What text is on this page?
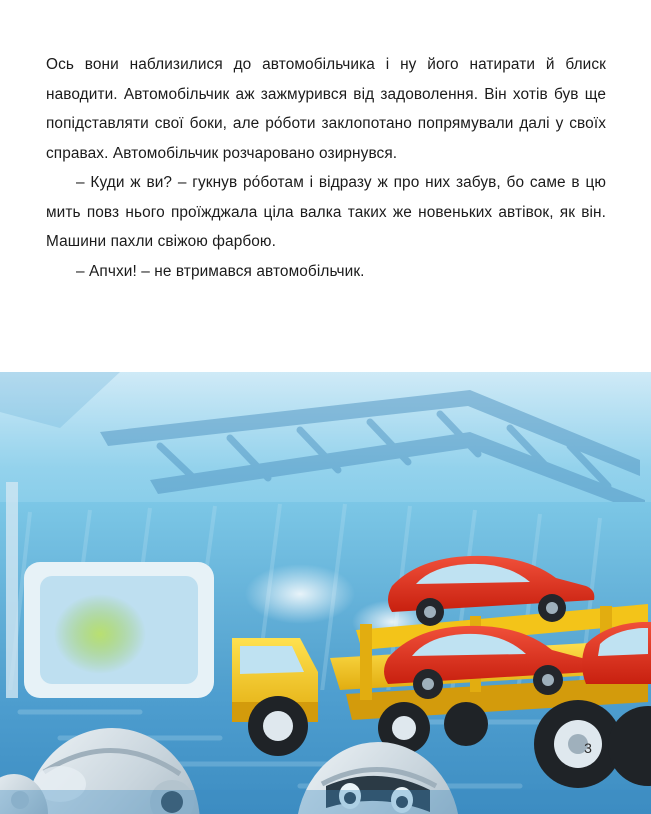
Ось вони наблизилися до автомобільчика і ну його натирати й блиск наводити. Автомобільчик аж зажмурився від задоволення. Він хотів був ще попідставляти свої боки, але ро́боти заклопотано попрямували далі у своїх справах. Автомобільчик розчаровано озирнувся.

– Куди ж ви? – гукнув ро́ботам і відразу ж про них забув, бо саме в цю мить повз нього проїжджала ціла валка таких же новеньких автівок, як він. Машини пахли свіжою фарбою.

– Апчхи! – не втримався автомобільчик.

3
